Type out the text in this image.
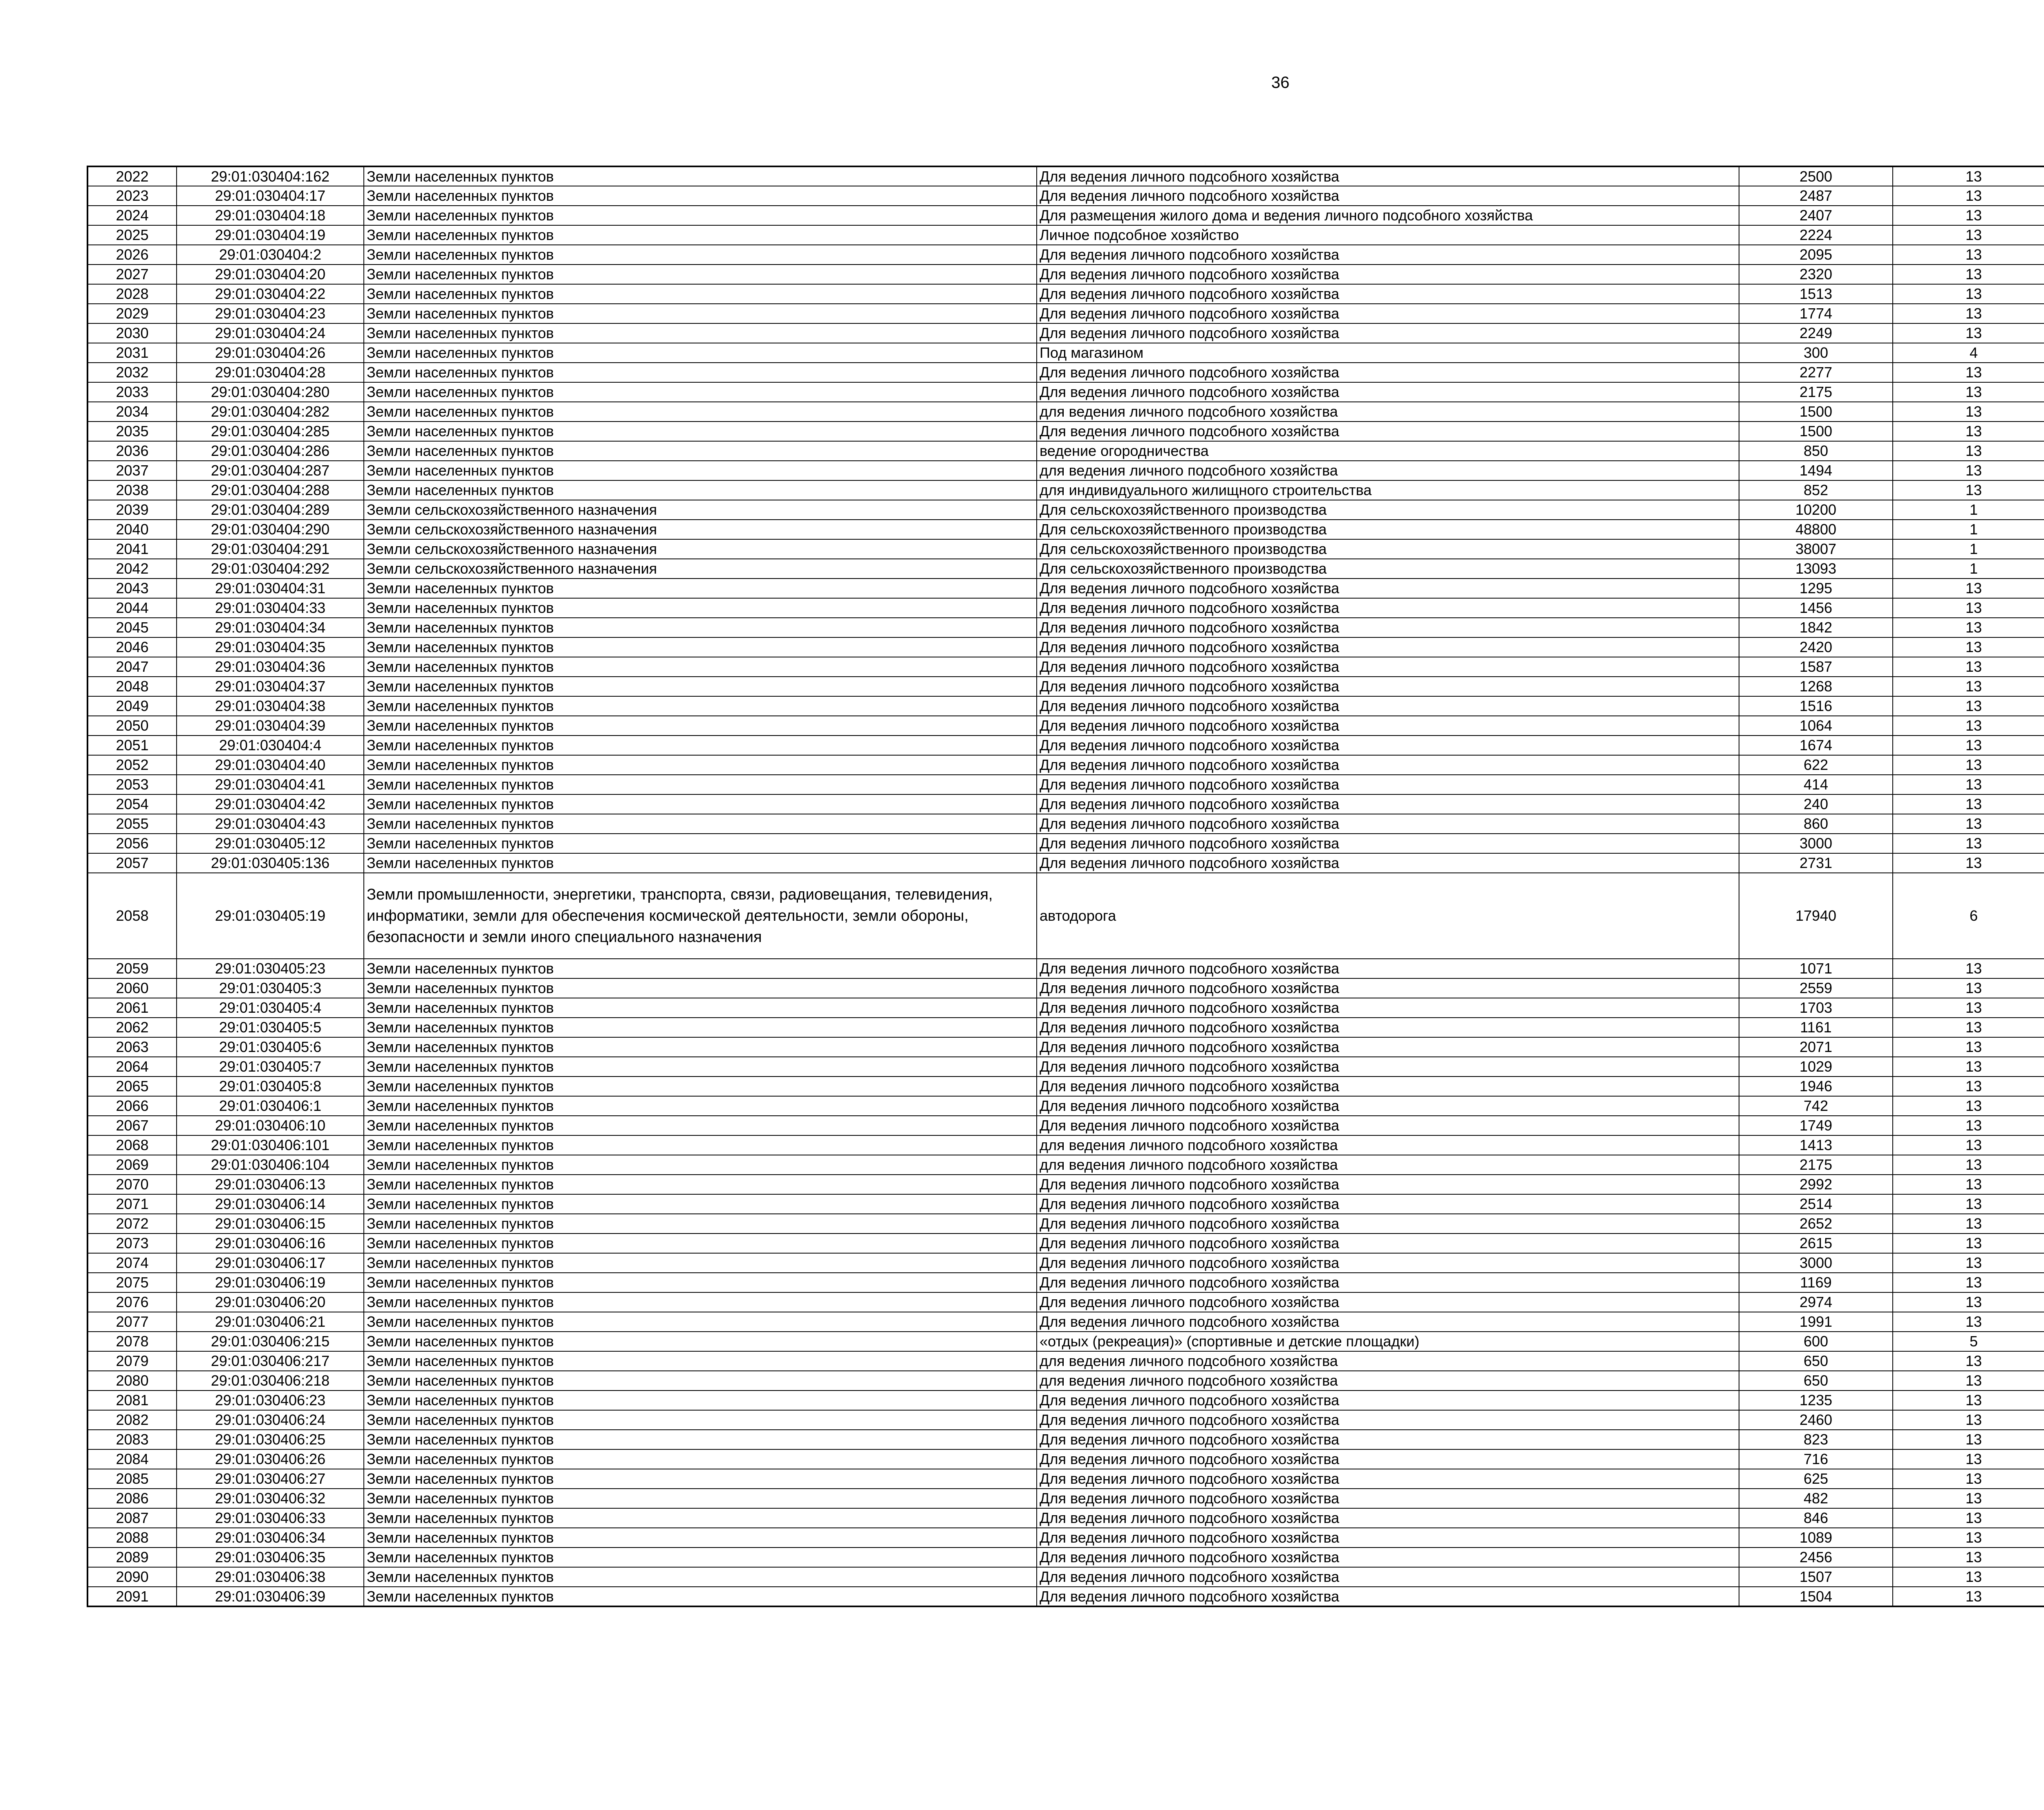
36
2022	29:01:030404:162	Земли населенных пунктов	Для ведения личного подсобного хозяйства	2500	13		
2023	29:01:030404:17	Земли населенных пунктов	Для ведения личного подсобного хозяйства	2487	13		
2024	29:01:030404:18	Земли населенных пунктов	Для размещения жилого дома и ведения личного подсобного хозяйства	2407	13		
2025	29:01:030404:19	Земли населенных пунктов	Личное подсобное хозяйство	2224	13		
2026	29:01:030404:2	Земли населенных пунктов	Для ведения личного подсобного хозяйства	2095	13		
2027	29:01:030404:20	Земли населенных пунктов	Для ведения личного подсобного хозяйства	2320	13		
2028	29:01:030404:22	Земли населенных пунктов	Для ведения личного подсобного хозяйства	1513	13		
2029	29:01:030404:23	Земли населенных пунктов	Для ведения личного подсобного хозяйства	1774	13		
2030	29:01:030404:24	Земли населенных пунктов	Для ведения личного подсобного хозяйства	2249	13		
2031	29:01:030404:26	Земли населенных пунктов	Под магазином	300	4		
2032	29:01:030404:28	Земли населенных пунктов	Для ведения личного подсобного хозяйства	2277	13		
2033	29:01:030404:280	Земли населенных пунктов	Для ведения личного подсобного хозяйства	2175	13		
2034	29:01:030404:282	Земли населенных пунктов	для ведения личного подсобного хозяйства	1500	13		
2035	29:01:030404:285	Земли населенных пунктов	Для ведения личного подсобного хозяйства	1500	13		
2036	29:01:030404:286	Земли населенных пунктов	ведение огородничества	850	13		
2037	29:01:030404:287	Земли населенных пунктов	для ведения личного подсобного хозяйства	1494	13		
2038	29:01:030404:288	Земли населенных пунктов	для индивидуального жилищного строительства	852	13		
2039	29:01:030404:289	Земли сельскохозяйственного назначения	Для сельскохозяйственного производства	10200	1		
2040	29:01:030404:290	Земли сельскохозяйственного назначения	Для сельскохозяйственного производства	48800	1		
2041	29:01:030404:291	Земли сельскохозяйственного назначения	Для сельскохозяйственного производства	38007	1		
2042	29:01:030404:292	Земли сельскохозяйственного назначения	Для сельскохозяйственного производства	13093	1		
2043	29:01:030404:31	Земли населенных пунктов	Для ведения личного подсобного хозяйства	1295	13		
2044	29:01:030404:33	Земли населенных пунктов	Для ведения личного подсобного хозяйства	1456	13		
2045	29:01:030404:34	Земли населенных пунктов	Для ведения личного подсобного хозяйства	1842	13		
2046	29:01:030404:35	Земли населенных пунктов	Для ведения личного подсобного хозяйства	2420	13		
2047	29:01:030404:36	Земли населенных пунктов	Для ведения личного подсобного хозяйства	1587	13		
2048	29:01:030404:37	Земли населенных пунктов	Для ведения личного подсобного хозяйства	1268	13		
2049	29:01:030404:38	Земли населенных пунктов	Для ведения личного подсобного хозяйства	1516	13		
2050	29:01:030404:39	Земли населенных пунктов	Для ведения личного подсобного хозяйства	1064	13		
2051	29:01:030404:4	Земли населенных пунктов	Для ведения личного подсобного хозяйства	1674	13		
2052	29:01:030404:40	Земли населенных пунктов	Для ведения личного подсобного хозяйства	622	13		
2053	29:01:030404:41	Земли населенных пунктов	Для ведения личного подсобного хозяйства	414	13		
2054	29:01:030404:42	Земли населенных пунктов	Для ведения личного подсобного хозяйства	240	13		
2055	29:01:030404:43	Земли населенных пунктов	Для ведения личного подсобного хозяйства	860	13		
2056	29:01:030405:12	Земли населенных пунктов	Для ведения личного подсобного хозяйства	3000	13		
2057	29:01:030405:136	Земли населенных пунктов	Для ведения личного подсобного хозяйства	2731	13		
2058	29:01:030405:19	Земли промышленности, энергетики, транспорта, связи, радиовещания, телевидения, информатики, земли для обеспечения космической деятельности, земли обороны, безопасности и земли иного специального назначения	автодорога	17940	6		
2059	29:01:030405:23	Земли населенных пунктов	Для ведения личного подсобного хозяйства	1071	13		
2060	29:01:030405:3	Земли населенных пунктов	Для ведения личного подсобного хозяйства	2559	13		
2061	29:01:030405:4	Земли населенных пунктов	Для ведения личного подсобного хозяйства	1703	13		
2062	29:01:030405:5	Земли населенных пунктов	Для ведения личного подсобного хозяйства	1161	13		
2063	29:01:030405:6	Земли населенных пунктов	Для ведения личного подсобного хозяйства	2071	13		
2064	29:01:030405:7	Земли населенных пунктов	Для ведения личного подсобного хозяйства	1029	13		
2065	29:01:030405:8	Земли населенных пунктов	Для ведения личного подсобного хозяйства	1946	13		
2066	29:01:030406:1	Земли населенных пунктов	Для ведения личного подсобного хозяйства	742	13		
2067	29:01:030406:10	Земли населенных пунктов	Для ведения личного подсобного хозяйства	1749	13		
2068	29:01:030406:101	Земли населенных пунктов	для ведения личного подсобного хозяйства	1413	13		
2069	29:01:030406:104	Земли населенных пунктов	для ведения личного подсобного хозяйства	2175	13		
2070	29:01:030406:13	Земли населенных пунктов	Для ведения личного подсобного хозяйства	2992	13		
2071	29:01:030406:14	Земли населенных пунктов	Для ведения личного подсобного хозяйства	2514	13		
2072	29:01:030406:15	Земли населенных пунктов	Для ведения личного подсобного хозяйства	2652	13		
2073	29:01:030406:16	Земли населенных пунктов	Для ведения личного подсобного хозяйства	2615	13		
2074	29:01:030406:17	Земли населенных пунктов	Для ведения личного подсобного хозяйства	3000	13		
2075	29:01:030406:19	Земли населенных пунктов	Для ведения личного подсобного хозяйства	1169	13		
2076	29:01:030406:20	Земли населенных пунктов	Для ведения личного подсобного хозяйства	2974	13		
2077	29:01:030406:21	Земли населенных пунктов	Для ведения личного подсобного хозяйства	1991	13		
2078	29:01:030406:215	Земли населенных пунктов	«отдых (рекреация)» (спортивные и детские площадки)	600	5		
2079	29:01:030406:217	Земли населенных пунктов	для ведения личного подсобного хозяйства	650	13		
2080	29:01:030406:218	Земли населенных пунктов	для ведения личного подсобного хозяйства	650	13		
2081	29:01:030406:23	Земли населенных пунктов	Для ведения личного подсобного хозяйства	1235	13		
2082	29:01:030406:24	Земли населенных пунктов	Для ведения личного подсобного хозяйства	2460	13		
2083	29:01:030406:25	Земли населенных пунктов	Для ведения личного подсобного хозяйства	823	13		
2084	29:01:030406:26	Земли населенных пунктов	Для ведения личного подсобного хозяйства	716	13		
2085	29:01:030406:27	Земли населенных пунктов	Для ведения личного подсобного хозяйства	625	13		
2086	29:01:030406:32	Земли населенных пунктов	Для ведения личного подсобного хозяйства	482	13		
2087	29:01:030406:33	Земли населенных пунктов	Для ведения личного подсобного хозяйства	846	13		
2088	29:01:030406:34	Земли населенных пунктов	Для ведения личного подсобного хозяйства	1089	13		
2089	29:01:030406:35	Земли населенных пунктов	Для ведения личного подсобного хозяйства	2456	13		
2090	29:01:030406:38	Земли населенных пунктов	Для ведения личного подсобного хозяйства	1507	13		
2091	29:01:030406:39	Земли населенных пунктов	Для ведения личного подсобного хозяйства	1504	13		
